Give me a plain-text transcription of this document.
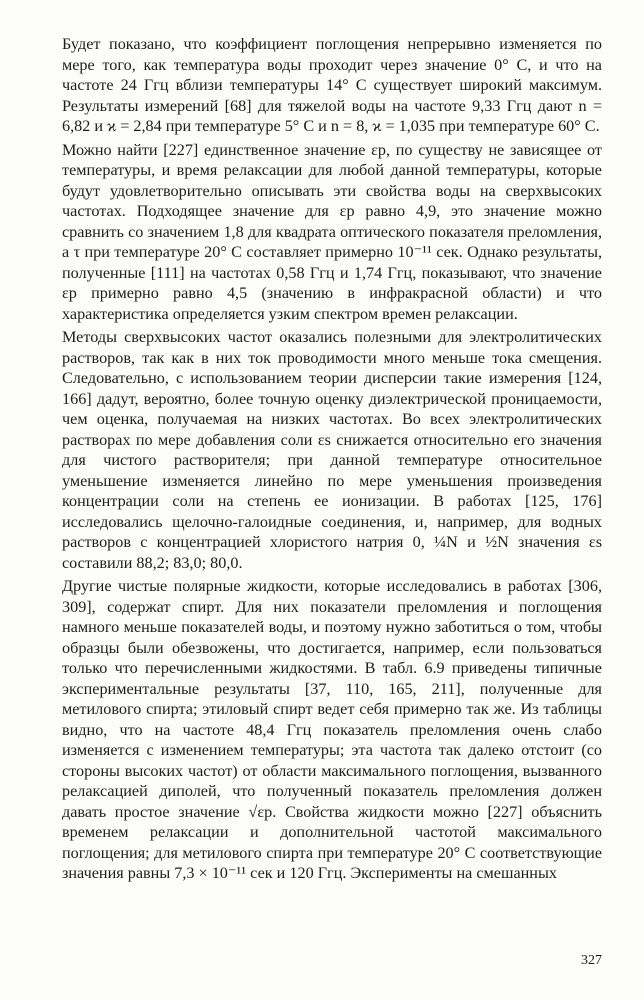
Будет показано, что коэффициент поглощения непрерывно изменяется по мере того, как температура воды проходит через значение 0° C, и что на частоте 24 Ггц вблизи температуры 14° C существует широкий максимум. Результаты измерений [68] для тяжелой воды на частоте 9,33 Ггц дают n = 6,82 и ϰ = 2,84 при температуре 5° C и n = 8, ϰ = 1,035 при температуре 60° C.

Можно найти [227] единственное значение εp, по существу не зависящее от температуры, и время релаксации для любой данной температуры, которые будут удовлетворительно описывать эти свойства воды на сверхвысоких частотах. Подходящее значение для εp равно 4,9, это значение можно сравнить со значением 1,8 для квадрата оптического показателя преломления, а τ при температуре 20° C составляет примерно 10⁻¹¹ сек. Однако результаты, полученные [111] на частотах 0,58 Ггц и 1,74 Ггц, показывают, что значение εp примерно равно 4,5 (значению в инфракрасной области) и что характеристика определяется узким спектром времен релаксации.

Методы сверхвысоких частот оказались полезными для электролитических растворов, так как в них ток проводимости много меньше тока смещения. Следовательно, с использованием теории дисперсии такие измерения [124, 166] дадут, вероятно, более точную оценку диэлектрической проницаемости, чем оценка, получаемая на низких частотах. Во всех электролитических растворах по мере добавления соли εs снижается относительно его значения для чистого растворителя; при данной температуре относительное уменьшение изменяется линейно по мере уменьшения произведения концентрации соли на степень ее ионизации. В работах [125, 176] исследовались щелочно-галоидные соединения, и, например, для водных растворов с концентрацией хлористого натрия 0, ¼N и ½N значения εs составили 88,2; 83,0; 80,0.

Другие чистые полярные жидкости, которые исследовались в работах [306, 309], содержат спирт. Для них показатели преломления и поглощения намного меньше показателей воды, и поэтому нужно заботиться о том, чтобы образцы были обезвожены, что достигается, например, если пользоваться только что перечисленными жидкостями. В табл. 6.9 приведены типичные экспериментальные результаты [37, 110, 165, 211], полученные для метилового спирта; этиловый спирт ведет себя примерно так же. Из таблицы видно, что на частоте 48,4 Ггц показатель преломления очень слабо изменяется с изменением температуры; эта частота так далеко отстоит (со стороны высоких частот) от области максимального поглощения, вызванного релаксацией диполей, что полученный показатель преломления должен давать простое значение √εp. Свойства жидкости можно [227] объяснить временем релаксации и дополнительной частотой максимального поглощения; для метилового спирта при температуре 20° C соответствующие значения равны 7,3 × 10⁻¹¹ сек и 120 Ггц. Эксперименты на смешанных

327
